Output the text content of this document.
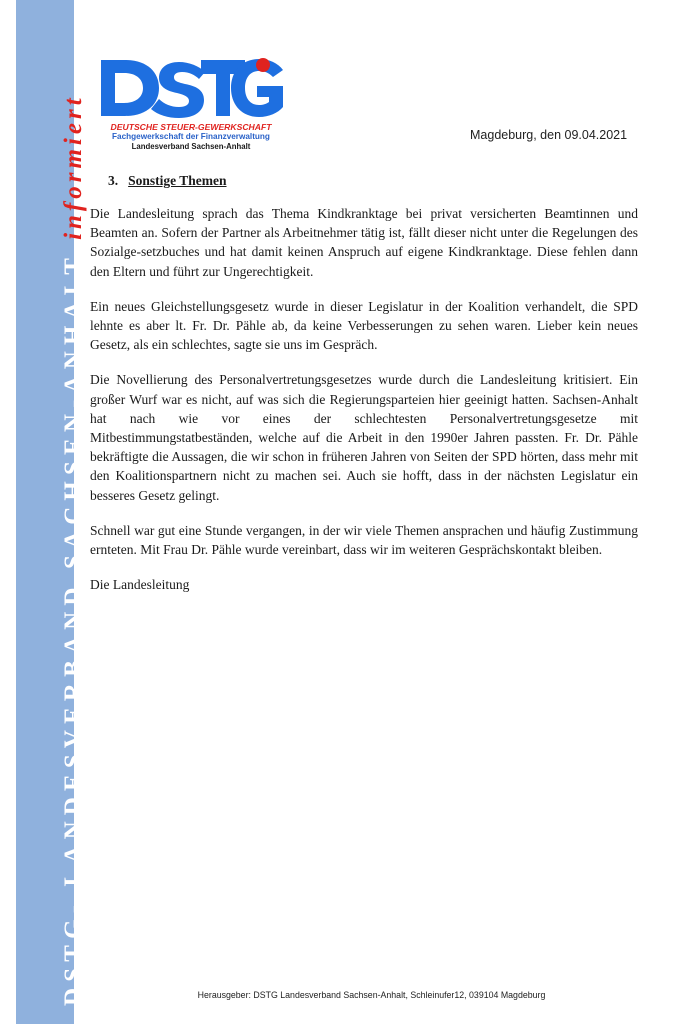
DSTG- LANDESVERBAND SACHSEN-ANHALT informiert	DEUTSCHE STEUER-GEWERKSCHAFT
Fachgewerkschaft der Finanzverwaltung
Landesverband Sachsen-Anhalt
Magdeburg, den 09.04.2021
3. Sonstige Themen

Die Landesleitung sprach das Thema Kindkranktage bei privat versicherten Beamtinnen und Beamten an. Sofern der Partner als Arbeitnehmer tätig ist, fällt dieser nicht unter die Regelungen des Sozialge-setzbuches und hat damit keinen Anspruch auf eigene Kindkranktage. Diese fehlen dann den Eltern und führt zur Ungerechtigkeit.

Ein neues Gleichstellungsgesetz wurde in dieser Legislatur in der Koalition verhandelt, die SPD lehnte es aber lt. Fr. Dr. Pähle ab, da keine Verbesserungen zu sehen waren. Lieber kein neues Gesetz, als ein schlechtes, sagte sie uns im Gespräch.

Die Novellierung des Personalvertretungsgesetzes wurde durch die Landesleitung kritisiert. Ein großer Wurf war es nicht, auf was sich die Regierungsparteien hier geeinigt hatten. Sachsen-Anhalt hat nach wie vor eines der schlechtesten Personalvertretungsgesetze mit Mitbestimmungstatbeständen, welche auf die Arbeit in den 1990er Jahren passten. Fr. Dr. Pähle bekräftigte die Aussagen, die wir schon in früheren Jahren von Seiten der SPD hörten, dass mehr mit den Koalitionspartnern nicht zu machen sei. Auch sie hofft, dass in der nächsten Legislatur ein besseres Gesetz gelingt.

Schnell war gut eine Stunde vergangen, in der wir viele Themen ansprachen und häufig Zustimmung ernteten. Mit Frau Dr. Pähle wurde vereinbart, dass wir im weiteren Gesprächskontakt bleiben.

Die Landesleitung

Herausgeber: DSTG Landesverband Sachsen-Anhalt, Schleinufer12, 039104 Magdeburg
